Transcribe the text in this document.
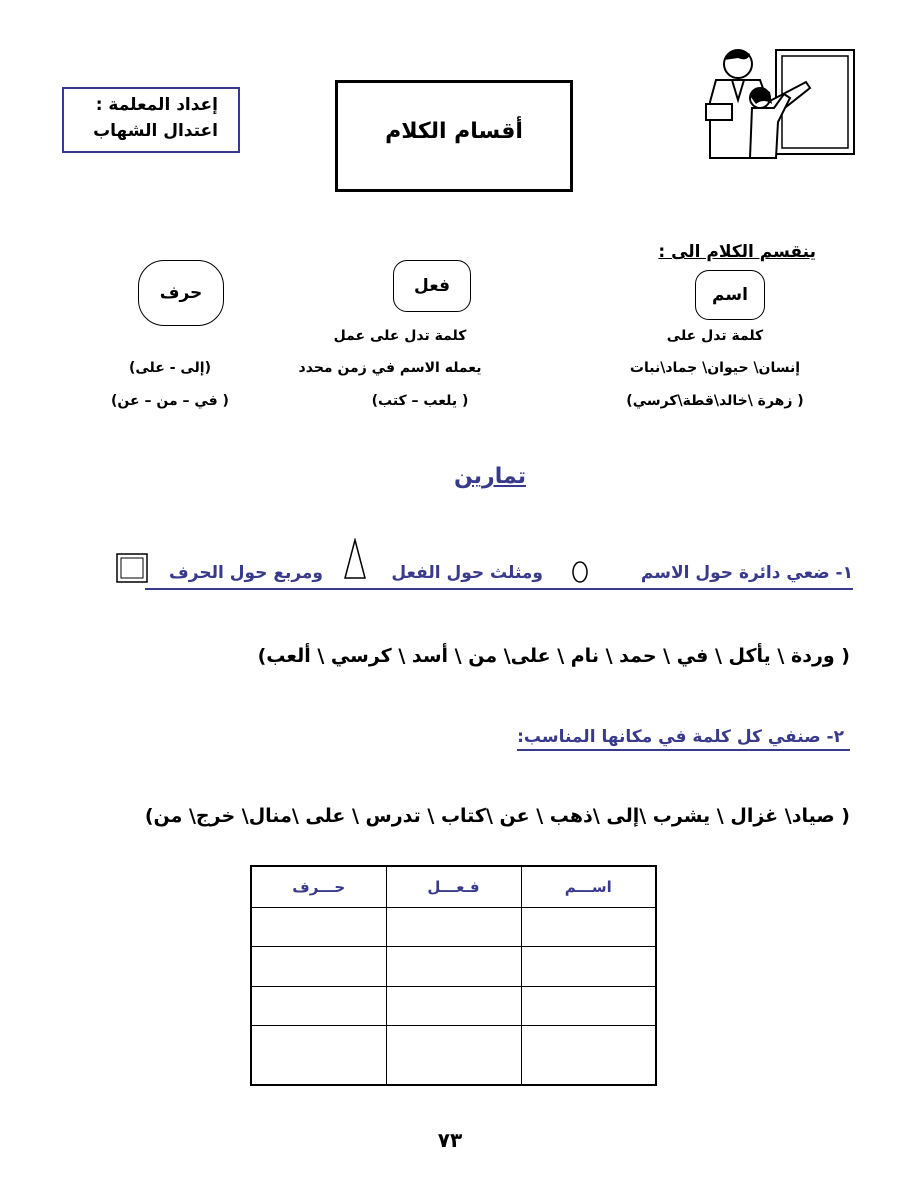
إعداد المعلمة :
اعتدال الشهاب	أقسام الكلام
ينقسم الكلام الى :
اسم
فعل
حرف
كلمة تدل على
إنسان\ حيوان\ جماد\نبات
( زهرة \خالد\قطة\كرسي)
كلمة تدل على عمل
يعمله الاسم في زمن محدد
( يلعب – كتب)
(إلى - على)
( في – من – عن)
تمارين
١- ضعي دائرة حول الاسم
ومثلث حول الفعل
ومربع حول الحرف
( وردة \ يأكل \ في \ حمد \ نام \ على\ من \ أسد \ كرسي \ ألعب)
٢- صنفي كل كلمة في مكانها المناسب:
( صياد\ غزال \ يشرب \إلى \ذهب \ عن \كتاب \ تدرس \ على \منال\ خرج\ من)
اســـم	فـعـــل	حـــرف

٧٣
